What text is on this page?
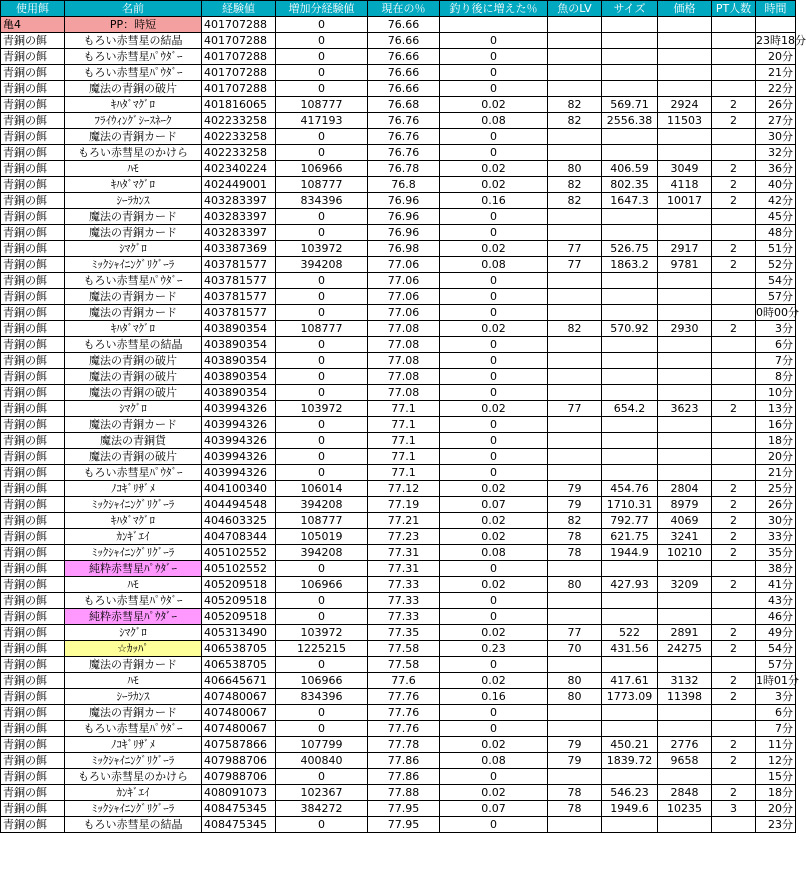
使用餌	名前	経験値	増加分経験値	現在の％	釣り後に増えた％	魚のLV	サイズ	価格	PT人数	時間
亀4	PP：時短	401707288	0	76.66						
青銅の餌	もろい赤彗星の結晶	401707288	0	76.66	0					23時18分
青銅の餌	もろい赤彗星ﾊﾟｳﾀﾞｰ	401707288	0	76.66	0					20分
青銅の餌	もろい赤彗星ﾊﾟｳﾀﾞｰ	401707288	0	76.66	0					21分
青銅の餌	魔法の青銅の破片	401707288	0	76.66	0					22分
青銅の餌	ｷﾊﾀﾞﾏｸﾞﾛ	401816065	108777	76.68	0.02	82	569.71	2924	2	26分
青銅の餌	ﾌﾗｲｳｨﾝｸﾞｼｰｽﾈｰｸ	402233258	417193	76.76	0.08	82	2556.38	11503	2	27分
青銅の餌	魔法の青銅カード	402233258	0	76.76	0					30分
青銅の餌	もろい赤彗星のかけら	402233258	0	76.76	0					32分
青銅の餌	ﾊﾓ	402340224	106966	76.78	0.02	80	406.59	3049	2	36分
青銅の餌	ｷﾊﾀﾞﾏｸﾞﾛ	402449001	108777	76.8	0.02	82	802.35	4118	2	40分
青銅の餌	ｼｰﾗｶﾝｽ	403283397	834396	76.96	0.16	82	1647.3	10017	2	42分
青銅の餌	魔法の青銅カード	403283397	0	76.96	0					45分
青銅の餌	魔法の青銅カード	403283397	0	76.96	0					48分
青銅の餌	ｼﾏｸﾞﾛ	403387369	103972	76.98	0.02	77	526.75	2917	2	51分
青銅の餌	ﾐｯｸｼｬｲﾆﾝｸﾞﾘｸﾞｰﾗ	403781577	394208	77.06	0.08	77	1863.2	9781	2	52分
青銅の餌	もろい赤彗星ﾊﾟｳﾀﾞｰ	403781577	0	77.06	0					54分
青銅の餌	魔法の青銅カード	403781577	0	77.06	0					57分
青銅の餌	魔法の青銅カード	403781577	0	77.06	0					0時00分
青銅の餌	ｷﾊﾀﾞﾏｸﾞﾛ	403890354	108777	77.08	0.02	82	570.92	2930	2	3分
青銅の餌	もろい赤彗星の結晶	403890354	0	77.08	0					6分
青銅の餌	魔法の青銅の破片	403890354	0	77.08	0					7分
青銅の餌	魔法の青銅の破片	403890354	0	77.08	0					8分
青銅の餌	魔法の青銅の破片	403890354	0	77.08	0					10分
青銅の餌	ｼﾏｸﾞﾛ	403994326	103972	77.1	0.02	77	654.2	3623	2	13分
青銅の餌	魔法の青銅カード	403994326	0	77.1	0					16分
青銅の餌	魔法の青銅貨	403994326	0	77.1	0					18分
青銅の餌	魔法の青銅の破片	403994326	0	77.1	0					20分
青銅の餌	もろい赤彗星ﾊﾟｳﾀﾞｰ	403994326	0	77.1	0					21分
青銅の餌	ﾉｺｷﾞﾘｻﾞﾒ	404100340	106014	77.12	0.02	79	454.76	2804	2	25分
青銅の餌	ﾐｯｸｼｬｲﾆﾝｸﾞﾘｸﾞｰﾗ	404494548	394208	77.19	0.07	79	1710.31	8979	2	26分
青銅の餌	ｷﾊﾀﾞﾏｸﾞﾛ	404603325	108777	77.21	0.02	82	792.77	4069	2	30分
青銅の餌	ｶﾝｷﾞｴｲ	404708344	105019	77.23	0.02	78	621.75	3241	2	33分
青銅の餌	ﾐｯｸｼｬｲﾆﾝｸﾞﾘｸﾞｰﾗ	405102552	394208	77.31	0.08	78	1944.9	10210	2	35分
青銅の餌	純粋赤彗星ﾊﾟｳﾀﾞｰ	405102552	0	77.31	0					38分
青銅の餌	ﾊﾓ	405209518	106966	77.33	0.02	80	427.93	3209	2	41分
青銅の餌	もろい赤彗星ﾊﾟｳﾀﾞｰ	405209518	0	77.33	0					43分
青銅の餌	純粋赤彗星ﾊﾟｳﾀﾞｰ	405209518	0	77.33	0					46分
青銅の餌	ｼﾏｸﾞﾛ	405313490	103972	77.35	0.02	77	522	2891	2	49分
青銅の餌	☆ｶｯﾊﾟ	406538705	1225215	77.58	0.23	70	431.56	24275	2	54分
青銅の餌	魔法の青銅カード	406538705	0	77.58	0					57分
青銅の餌	ﾊﾓ	406645671	106966	77.6	0.02	80	417.61	3132	2	1時01分
青銅の餌	ｼｰﾗｶﾝｽ	407480067	834396	77.76	0.16	80	1773.09	11398	2	3分
青銅の餌	魔法の青銅カード	407480067	0	77.76	0					6分
青銅の餌	もろい赤彗星ﾊﾟｳﾀﾞｰ	407480067	0	77.76	0					7分
青銅の餌	ﾉｺｷﾞﾘｻﾞﾒ	407587866	107799	77.78	0.02	79	450.21	2776	2	11分
青銅の餌	ﾐｯｸｼｬｲﾆﾝｸﾞﾘｸﾞｰﾗ	407988706	400840	77.86	0.08	79	1839.72	9658	2	12分
青銅の餌	もろい赤彗星のかけら	407988706	0	77.86	0					15分
青銅の餌	ｶﾝｷﾞｴｲ	408091073	102367	77.88	0.02	78	546.23	2848	2	18分
青銅の餌	ﾐｯｸｼｬｲﾆﾝｸﾞﾘｸﾞｰﾗ	408475345	384272	77.95	0.07	78	1949.6	10235	3	20分
青銅の餌	もろい赤彗星の結晶	408475345	0	77.95	0					23分
